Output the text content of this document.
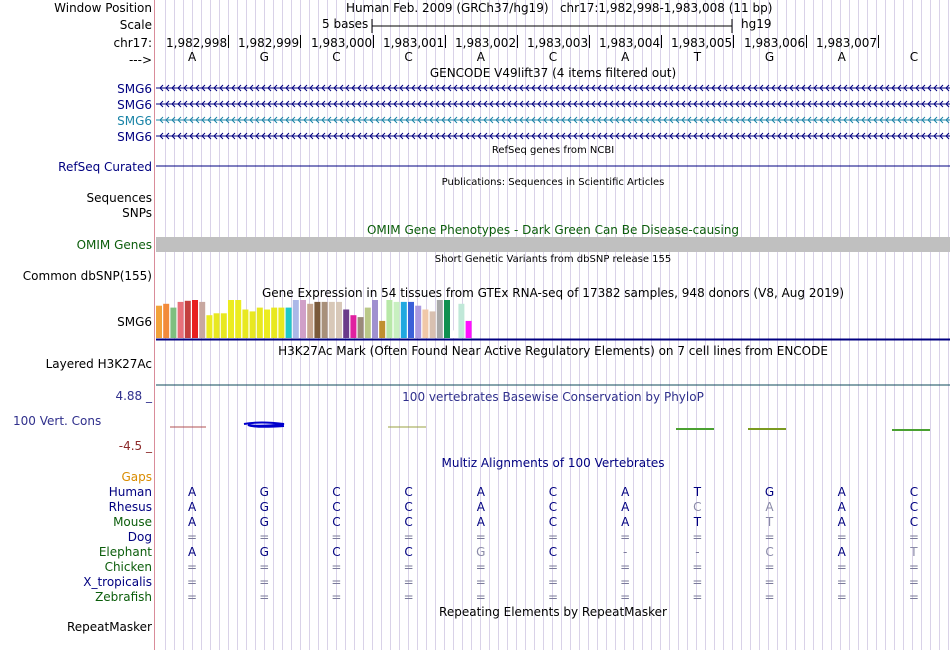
Window Position
Scale
chr17:
--->
Human Feb. 2009 (GRCh37/hg19)   chr17:1,982,998-1,983,008 (11 bp)
5 bases	hg19
1,982,998 1,982,999 1,983,000 1,983,001 1,983,002 1,983,003 1,983,004 1,983,005 1,983,006 1,983,007
A	G	C	C	A	C	A	T	G	A	C
GENCODE V49lift37 (4 items filtered out)
SMG6
SMG6
SMG6
SMG6
RefSeq genes from NCBI
RefSeq Curated
Publications: Sequences in Scientific Articles
Sequences
SNPs
OMIM Gene Phenotypes - Dark Green Can Be Disease-causing
OMIM Genes
Short Genetic Variants from dbSNP release 155
Common dbSNP(155)
Gene Expression in 54 tissues from GTEx RNA-seq of 17382 samples, 948 donors (V8, Aug 2019)
SMG6
H3K27Ac Mark (Often Found Near Active Regulatory Elements) on 7 cell lines from ENCODE
Layered H3K27Ac
100 vertebrates Basewise Conservation by PhyloP
4.88 _
100 Vert. Cons
-4.5 _
Multiz Alignments of 100 Vertebrates
Gaps
Human	A	G	C	C	A	C	A	T	G	A	C
Rhesus	A	G	C	C	A	C	A	C	A	A	C
Mouse	A	G	C	C	A	C	A	T	T	A	C
Dog	=	=	=	=	=	=	=	=	=	=	=
Elephant	A	G	C	C	G	C	-	-	C	A	T
Chicken	=	=	=	=	=	=	=	=	=	=	=
X_tropicalis	=	=	=	=	=	=	=	=	=	=	=
Zebrafish	=	=	=	=	=	=	=	=	=	=	=
Repeating Elements by RepeatMasker
RepeatMasker
